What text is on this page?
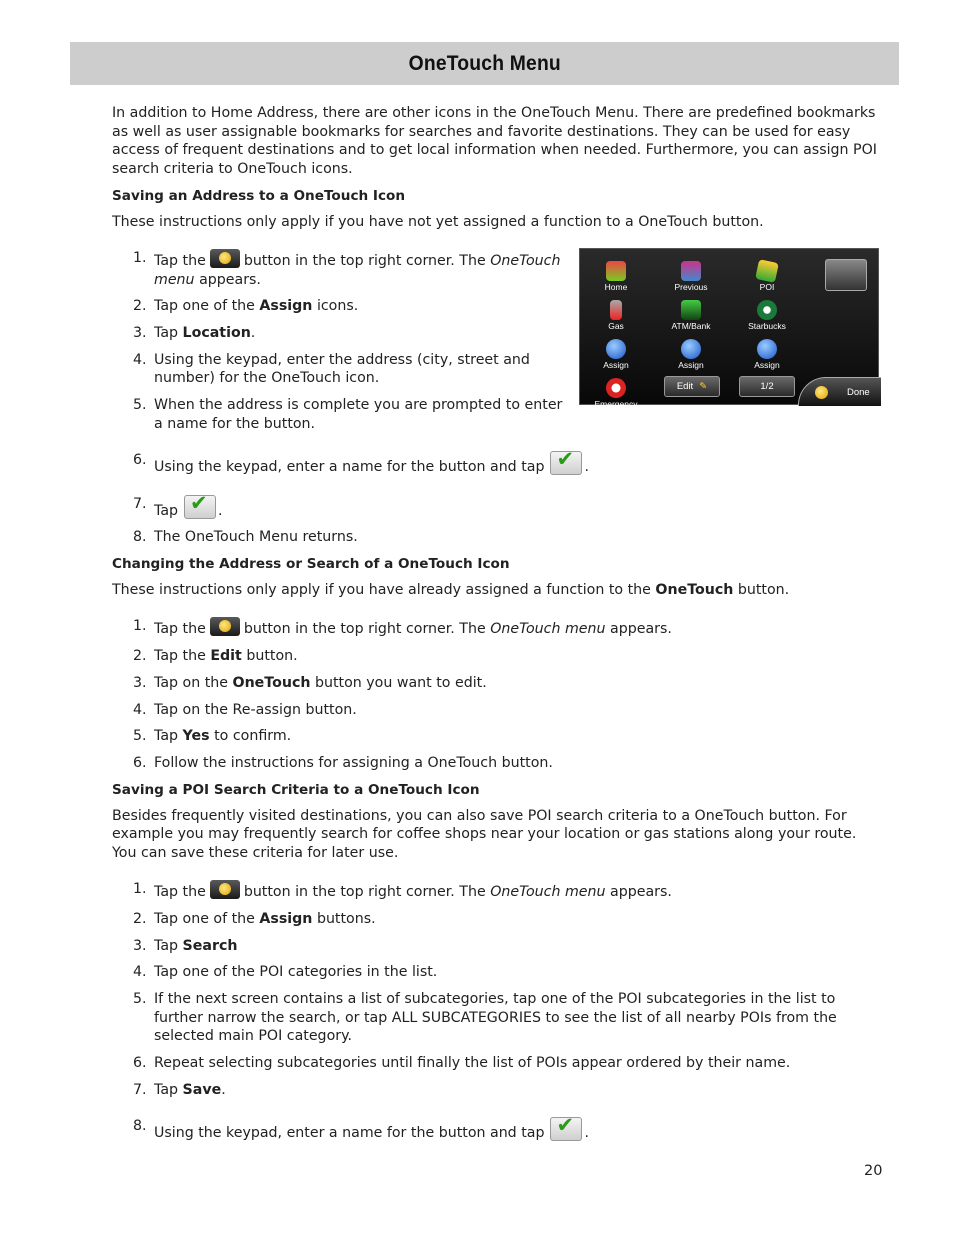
OneTouch Menu

In addition to Home Address, there are other icons in the OneTouch Menu. There are predefined bookmarks as well as user assignable bookmarks for searches and favorite destinations. They can be used for easy access of frequent destinations and to get local information when needed. Furthermore, you can assign POI search criteria to OneTouch icons.

Saving an Address to a OneTouch Icon

These instructions only apply if you have not yet assigned a function to a OneTouch button.

1. Tap the	button in the top right corner. The OneTouch menu appears.
2. Tap one of the Assign icons.
3. Tap Location.
4. Using the keypad, enter the address (city, street and number) for the OneTouch icon.
5. When the address is complete you are prompted to enter a name for the button.
6. Using the keypad, enter a name for the button and tap ✔	.
7. Tap ✔	.
8. The OneTouch Menu returns.

Changing the Address or Search of a OneTouch Icon

These instructions only apply if you have already assigned a function to the OneTouch button.

1. Tap the	button in the top right corner. The OneTouch menu appears.
2. Tap the Edit button.
3. Tap on the OneTouch button you want to edit.
4. Tap on the Re-assign button.
5. Tap Yes to confirm.
6. Follow the instructions for assigning a OneTouch button.

Saving a POI Search Criteria to a OneTouch Icon

Besides frequently visited destinations, you can also save POI search criteria to a OneTouch button. For example you may frequently search for coffee shops near your location or gas stations along your route. You can save these criteria for later use.

1. Tap the	button in the top right corner. The OneTouch menu appears.
2. Tap one of the Assign buttons.
3. Tap Search
4. Tap one of the POI categories in the list.
5. If the next screen contains a list of subcategories, tap one of the POI subcategories in the list to further narrow the search, or tap ALL SUBCATEGORIES to see the list of all nearby POIs from the selected main POI category.
6. Repeat selecting subcategories until finally the list of POIs appear ordered by their name.
7. Tap Save.
8. Using the keypad, enter a name for the button and tap ✔	.
Home	Previous	POI
Gas	ATM/Bank	Starbucks
Assign	Assign	Assign
Emergency
Edit ✎	1/2
Done
20
